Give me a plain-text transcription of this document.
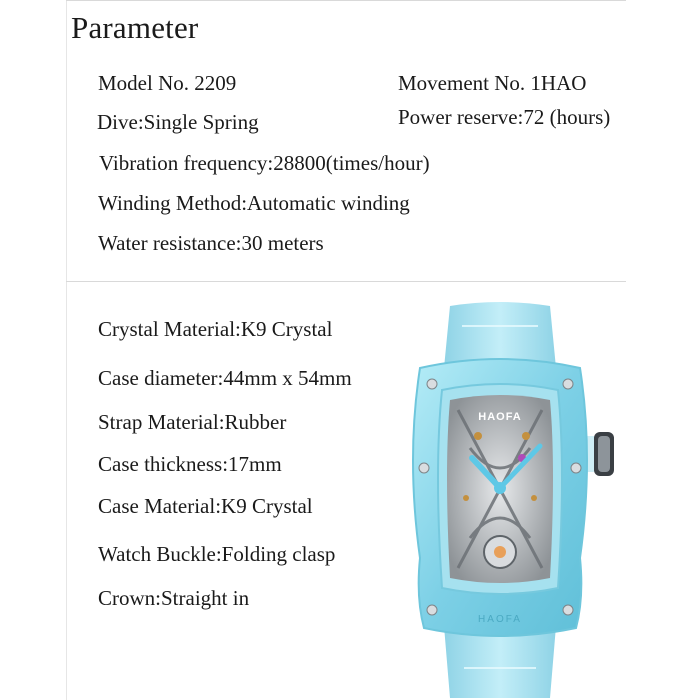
Parameter
Model No. 2209	Movement No. 1HAO
Dive:Single Spring	Power reserve:72 (hours)
Vibration frequency:28800(times/hour)
Winding Method:Automatic winding
Water resistance:30 meters
Crystal Material:K9 Crystal
Case diameter:44mm x 54mm
Strap Material:Rubber
Case thickness:17mm
Case Material:K9 Crystal
Watch Buckle:Folding clasp
Crown:Straight in
HAOFA
HAOFA
